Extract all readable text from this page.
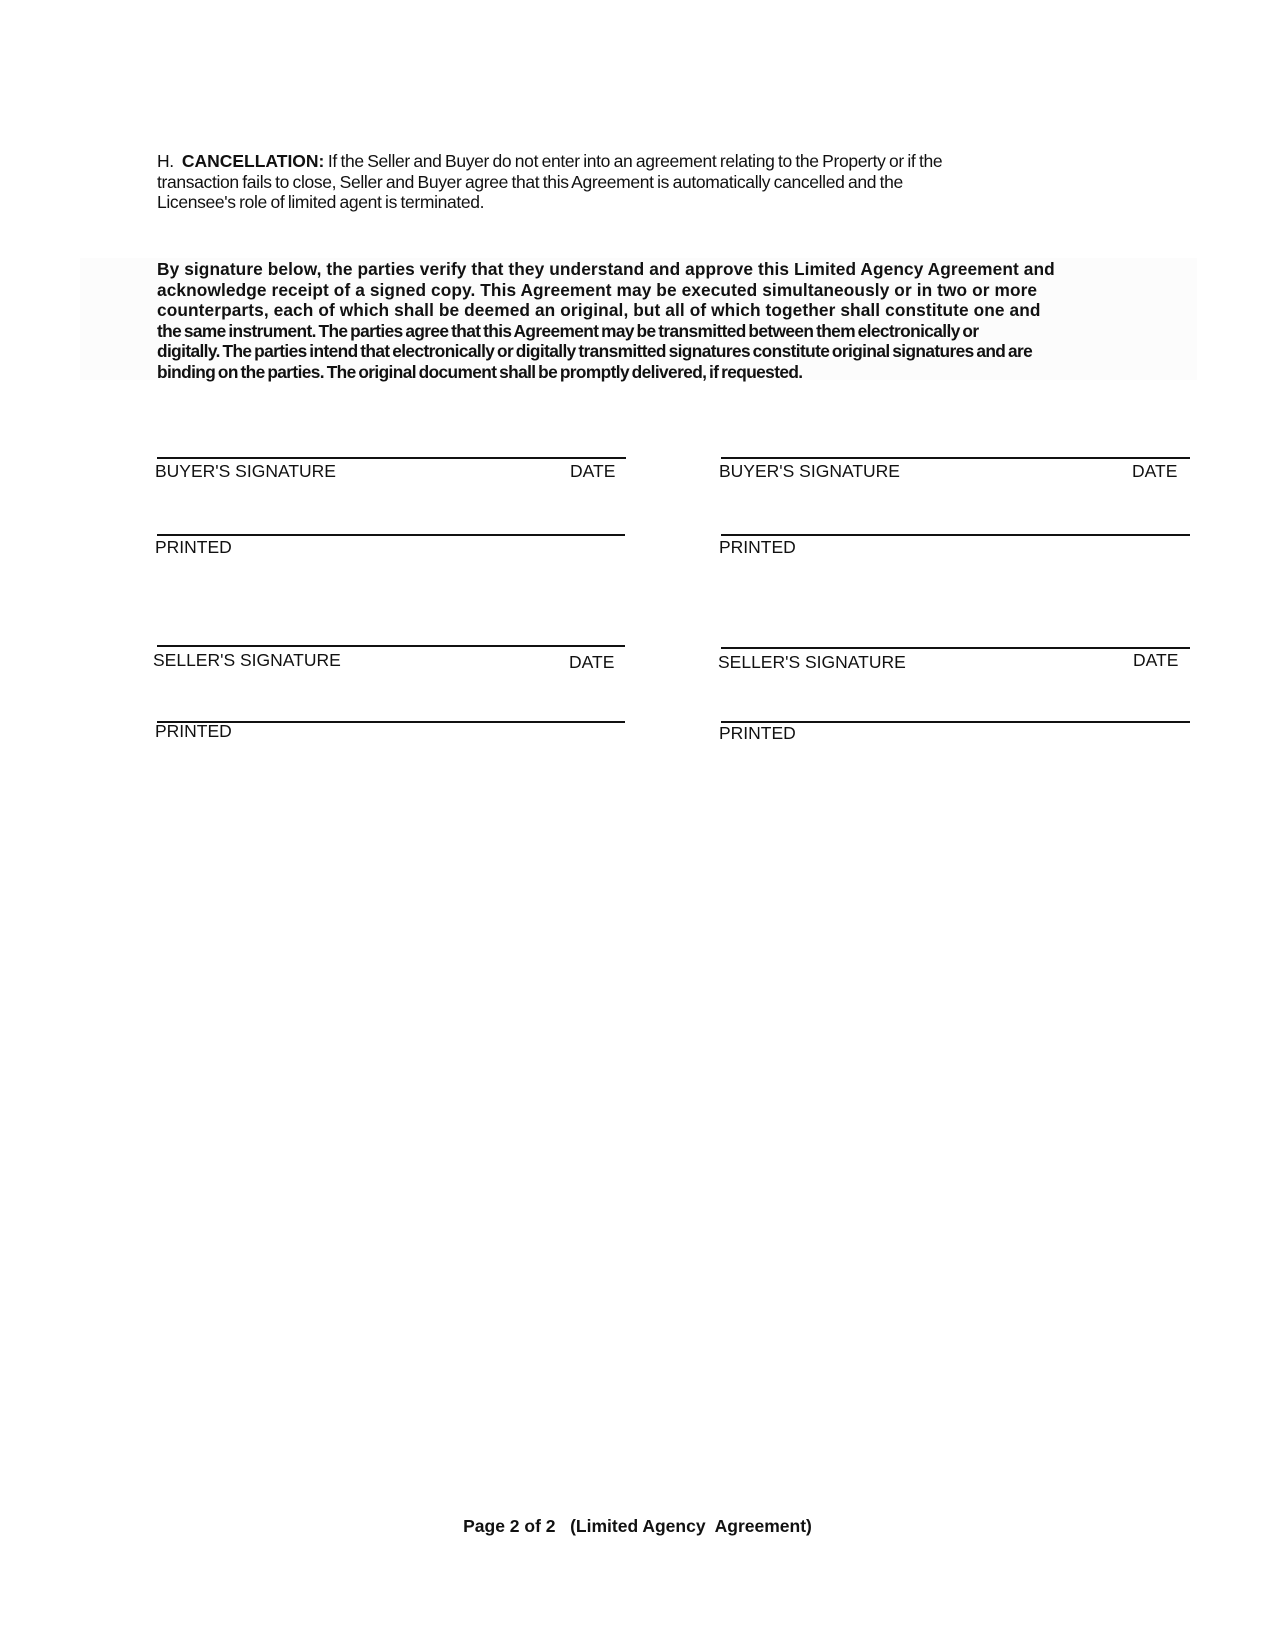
H. CANCELLATION: If the Seller and Buyer do not enter into an agreement relating to the Property or if the
transaction fails to close, Seller and Buyer agree that this Agreement is automatically cancelled and the
Licensee's role of limited agent is terminated.
By signature below, the parties verify that they understand and approve this Limited Agency Agreement and
acknowledge receipt of a signed copy. This Agreement may be executed simultaneously or in two or more
counterparts, each of which shall be deemed an original, but all of which together shall constitute one and
the same instrument. The parties agree that this Agreement may be transmitted between them electronically or
digitally. The parties intend that electronically or digitally transmitted signatures constitute original signatures and are
binding on the parties. The original document shall be promptly delivered, if requested.
BUYER'S SIGNATURE	DATE
PRINTED
BUYER'S SIGNATURE	DATE
PRINTED
SELLER'S SIGNATURE	DATE
PRINTED
SELLER'S SIGNATURE	DATE
PRINTED
Page 2 of 2   (Limited Agency  Agreement)
